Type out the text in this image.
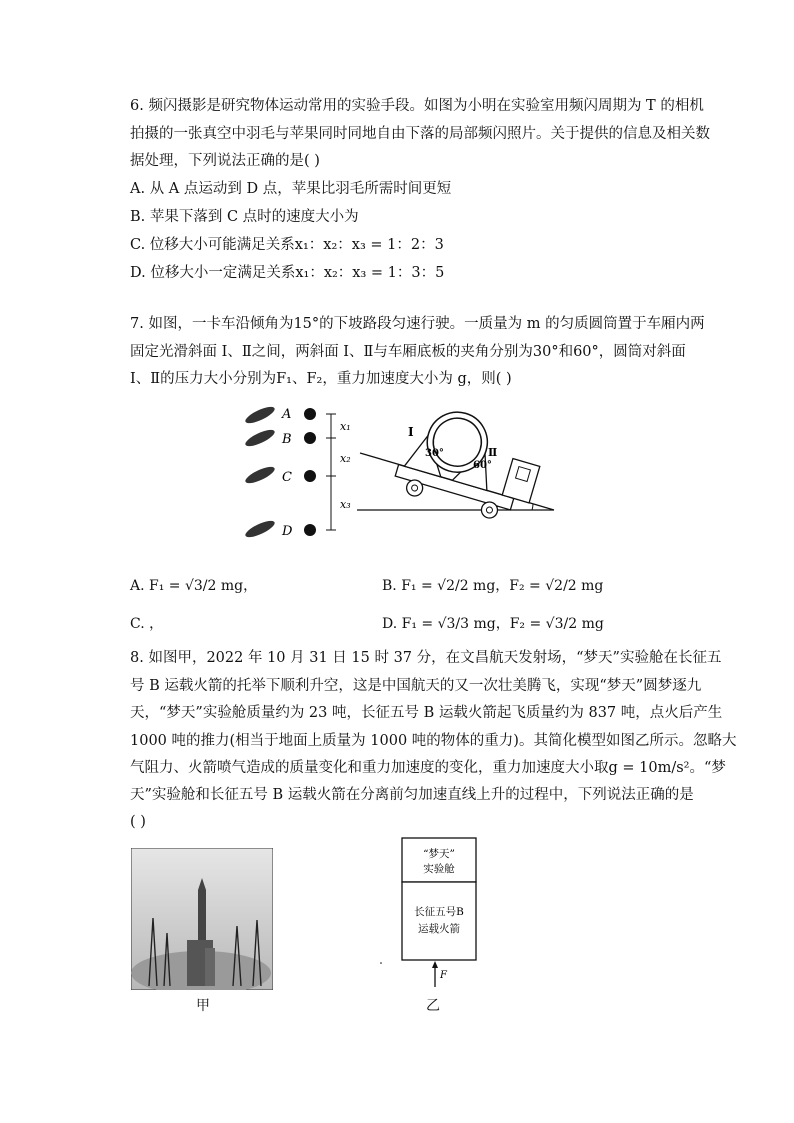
6. 频闪摄影是研究物体运动常用的实验手段。如图为小明在实验室用频闪周期为 T 的相机
拍摄的一张真空中羽毛与苹果同时同地自由下落的局部频闪照片。关于提供的信息及相关数
据处理，下列说法正确的是( )
A. 从 A 点运动到 D 点，苹果比羽毛所需时间更短
B. 苹果下落到 C 点时的速度大小为
C. 位移大小可能满足关系x₁：x₂：x₃ = 1：2：3
D. 位移大小一定满足关系x₁：x₂：x₃ = 1：3：5
7. 如图，一卡车沿倾角为15°的下坡路段匀速行驶。一质量为 m 的匀质圆筒置于车厢内两
固定光滑斜面 Ⅰ、Ⅱ之间，两斜面 Ⅰ、Ⅱ与车厢底板的夹角分别为30°和60°，圆筒对斜面
Ⅰ、Ⅱ的压力大小分别为F₁、F₂，重力加速度大小为 g，则( )
A
B
C
D
x₁
x₂
x₃
Ⅰ
Ⅱ
30°
60°
A. F₁ = √3/2 mg，	B. F₁ = √2/2 mg，F₂ = √2/2 mg
C. ，	D. F₁ = √3/3 mg，F₂ = √3/2 mg
8. 如图甲，2022 年 10 月 31 日 15 时 37 分，在文昌航天发射场，“梦天”实验舱在长征五
号 B 运载火箭的托举下顺利升空，这是中国航天的又一次壮美腾飞，实现“梦天”圆梦逐九
天，“梦天”实验舱质量约为 23 吨，长征五号 B 运载火箭起飞质量约为 837 吨，点火后产生
1000 吨的推力(相当于地面上质量为 1000 吨的物体的重力)。其简化模型如图乙所示。忽略大
气阻力、火箭喷气造成的质量变化和重力加速度的变化，重力加速度大小取g = 10m/s²。“梦
天”实验舱和长征五号 B 运载火箭在分离前匀加速直线上升的过程中，下列说法正确的是
( )
甲
“梦天”
实验舱
长征五号B
运载火箭
F
乙
